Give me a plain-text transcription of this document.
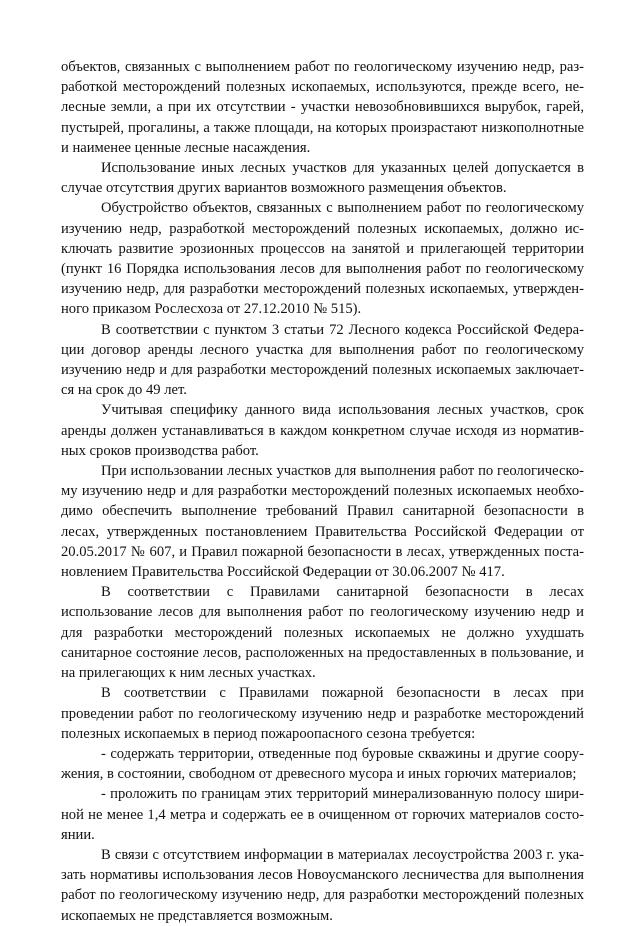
объектов, связанных с выполнением работ по геологическому изучению недр, разработкой месторождений полезных ископаемых, используются, прежде всего, нелесные земли, а при их отсутствии - участки невозобновившихся вырубок, гарей, пустырей, прогалины, а также площади, на которых произрастают низкополнотные и наименее ценные лесные насаждения.

Использование иных лесных участков для указанных целей допускается в случае отсутствия других вариантов возможного размещения объектов.

Обустройство объектов, связанных с выполнением работ по геологическому изучению недр, разработкой месторождений полезных ископаемых, должно исключать развитие эрозионных процессов на занятой и прилегающей территории (пункт 16 Порядка использования лесов для выполнения работ по геологическому изучению недр, для разработки месторождений полезных ископаемых, утвержденного приказом Рослесхоза от 27.12.2010 № 515).

В соответствии с пунктом 3 статьи 72 Лесного кодекса Российской Федерации договор аренды лесного участка для выполнения работ по геологическому изучению недр и для разработки месторождений полезных ископаемых заключается на срок до 49 лет.

Учитывая специфику данного вида использования лесных участков, срок аренды должен устанавливаться в каждом конкретном случае исходя из нормативных сроков производства работ.

При использовании лесных участков для выполнения работ по геологическому изучению недр и для разработки месторождений полезных ископаемых необходимо обеспечить выполнение требований Правил санитарной безопасности в лесах, утвержденных постановлением Правительства Российской Федерации от 20.05.2017 № 607, и Правил пожарной безопасности в лесах, утвержденных постановлением Правительства Российской Федерации от 30.06.2007 № 417.

В соответствии с Правилами санитарной безопасности в лесах использование лесов для выполнения работ по геологическому изучению недр и для разработки месторождений полезных ископаемых не должно ухудшать санитарное состояние лесов, расположенных на предоставленных в пользование, и на прилегающих к ним лесных участках.

В соответствии с Правилами пожарной безопасности в лесах при проведении работ по геологическому изучению недр и разработке месторождений полезных ископаемых в период пожароопасного сезона требуется:

- содержать территории, отведенные под буровые скважины и другие сооружения, в состоянии, свободном от древесного мусора и иных горючих материалов;

- проложить по границам этих территорий минерализованную полосу шириной не менее 1,4 метра и содержать ее в очищенном от горючих материалов состоянии.

В связи с отсутствием информации в материалах лесоустройства 2003 г. указать нормативы использования лесов Новоусманского лесничества для выполнения работ по геологическому изучению недр, для разработки месторождений полезных ископаемых не представляется возможным.
